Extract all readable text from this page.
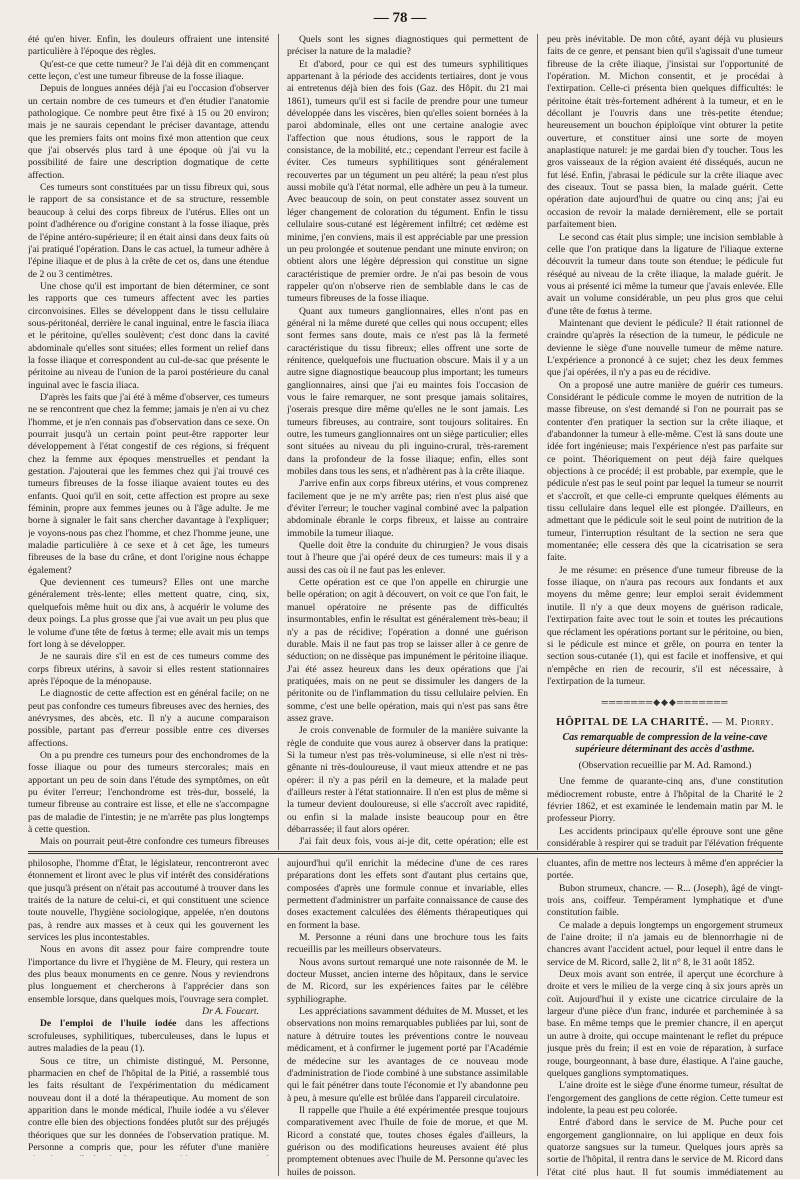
— 78 —

été qu'en hiver. Enfin, les douleurs offraient une intensité particulière à l'époque des règles.

Qu'est-ce que cette tumeur? Je l'ai déjà dit en commençant cette leçon, c'est une tumeur fibreuse de la fosse iliaque.

Depuis de longues années déjà j'ai eu l'occasion d'observer un certain nombre de ces tumeurs et d'en étudier l'anatomie pathologique. Ce nombre peut être fixé à 15 ou 20 environ; mais je ne saurais cependant le préciser davantage, attendu que les premiers faits ont moins fixé mon attention que ceux que j'ai observés plus tard à une époque où j'ai vu la possibilité de faire une description dogmatique de cette affection.

Ces tumeurs sont constituées par un tissu fibreux qui, sous le rapport de sa consistance et de sa structure, ressemble beaucoup à celui des corps fibreux de l'utérus. Elles ont un point d'adhérence ou d'origine constant à la fosse iliaque, près de l'épine antéro-supérieure; il en était ainsi dans deux faits où j'ai pratiqué l'opération. Dans le cas actuel, la tumeur adhère à l'épine iliaque et de plus à la crête de cet os, dans une étendue de 2 ou 3 centimètres.

Une chose qu'il est important de bien déterminer, ce sont les rapports que ces tumeurs affectent avec les parties circonvoisines. Elles se développent dans le tissu cellulaire sous-péritonéal, derrière le canal inguinal, entre le fascia iliaca et le péritoine, qu'elles soulèvent; c'est donc dans la cavité abdominale qu'elles sont situées; elles forment un relief dans la fosse iliaque et correspondent au cul-de-sac que présente le péritoine au niveau de l'union de la paroi postérieure du canal inguinal avec le fascia iliaca.

D'après les faits que j'ai été à même d'observer, ces tumeurs ne se rencontrent que chez la femme; jamais je n'en ai vu chez l'homme, et je n'en connais pas d'observation dans ce sexe. On pourrait jusqu'à un certain point peut-être rapporter leur développement à l'état congestif de ces régions, si fréquent chez la femme aux époques menstruelles et pendant la gestation. J'ajouterai que les femmes chez qui j'ai trouvé ces tumeurs fibreuses de la fosse iliaque avaient toutes eu des enfants. Quoi qu'il en soit, cette affection est propre au sexe féminin, propre aux femmes jeunes ou à l'âge adulte. Je me borne à signaler le fait sans chercher davantage à l'expliquer; je voyons-nous pas chez l'homme, et chez l'homme jeune, une maladie particulière à ce sexe et à cet âge, les tumeurs fibreuses de la base du crâne, et dont l'origine nous échappe également?

Que deviennent ces tumeurs? Elles ont une marche généralement très-lente; elles mettent quatre, cinq, six, quelquefois même huit ou dix ans, à acquérir le volume des deux poings. La plus grosse que j'ai vue avait un peu plus que le volume d'une tête de fœtus à terme; elle avait mis un temps fort long à se développer.

Je ne saurais dire s'il en est de ces tumeurs comme des corps fibreux utérins, à savoir si elles restent stationnaires après l'époque de la ménopause.

Le diagnostic de cette affection est en général facile; on ne peut pas confondre ces tumeurs fibreuses avec des hernies, des anévrysmes, des abcès, etc. Il n'y a aucune comparaison possible, partant pas d'erreur possible entre ces diverses affections.

On a pu prendre ces tumeurs pour des enchondromes de la fosse iliaque ou pour des tumeurs stercorales; mais en apportant un peu de soin dans l'étude des symptômes, on eût pu éviter l'erreur; l'enchondrome est très-dur, bosselé, la tumeur fibreuse au contraire est lisse, et elle ne s'accompagne pas de maladie de l'intestin; je ne m'arrête pas plus longtemps à cette question.

Mais on pourrait peut-être confondre ces tumeurs fibreuses

Quels sont les signes diagnostiques qui permettent de préciser la nature de la maladie?

Et d'abord, pour ce qui est des tumeurs syphilitiques appartenant à la période des accidents tertiaires, dont je vous ai entretenus déjà bien des fois (Gaz. des Hôpit. du 21 mai 1861), tumeurs qu'il est si facile de prendre pour une tumeur développée dans les viscères, bien qu'elles soient bornées à la paroi abdominale, elles ont une certaine analogie avec l'affection que nous étudions, sous le rapport de la consistance, de la mobilité, etc.; cependant l'erreur est facile à éviter. Ces tumeurs syphilitiques sont généralement recouvertes par un tégument un peu altéré; la peau n'est plus aussi mobile qu'à l'état normal, elle adhère un peu à la tumeur. Avec beaucoup de soin, on peut constater assez souvent un léger changement de coloration du tégument. Enfin le tissu cellulaire sous-cutané est légèrement infiltré; cet œdème est minime, j'en conviens, mais il est appréciable par une pression un peu prolongée et soutenue pendant une minute environ; on obtient alors une légère dépression qui constitue un signe caractéristique de premier ordre. Je n'ai pas besoin de vous rappeler qu'on n'observe rien de semblable dans le cas de tumeurs fibreuses de la fosse iliaque.

Quant aux tumeurs ganglionnaires, elles n'ont pas en général ni la même dureté que celles qui nous occupent; elles sont fermes sans doute, mais ce n'est pas là la fermeté caractéristique du tissu fibreux; elles offrent une sorte de rénitence, quelquefois une fluctuation obscure. Mais il y a un autre signe diagnostique beaucoup plus important; les tumeurs ganglionnaires, ainsi que j'ai eu maintes fois l'occasion de vous le faire remarquer, ne sont presque jamais solitaires, j'oserais presque dire même qu'elles ne le sont jamais. Les tumeurs fibreuses, au contraire, sont toujours solitaires. En outre, les tumeurs ganglionnaires ont un siège particulier; elles sont situées au niveau du pli inguino-crural, très-rarement dans la profondeur de la fosse iliaque; enfin, elles sont mobiles dans tous les sens, et n'adhèrent pas à la crête iliaque.

J'arrive enfin aux corps fibreux utérins, et vous comprenez facilement que je ne m'y arrête pas; rien n'est plus aisé que d'éviter l'erreur; le toucher vaginal combiné avec la palpation abdominale ébranle le corps fibreux, et laisse au contraire immobile la tumeur iliaque.

Quelle doit être la conduite du chirurgien? Je vous disais tout à l'heure que j'ai opéré deux de ces tumeurs: mais il y a aussi des cas où il ne faut pas les enlever.

Cette opération est ce que l'on appelle en chirurgie une belle opération; on agit à découvert, on voit ce que l'on fait, le manuel opératoire ne présente pas de difficultés insurmontables, enfin le résultat est généralement très-beau; il n'y a pas de récidive; l'opération a donné une guérison durable. Mais il ne faut pas trop se laisser aller à ce genre de séduction; on ne dissèque pas impunément le péritoine iliaque. J'ai été assez heureux dans les deux opérations que j'ai pratiquées, mais on ne peut se dissimuler les dangers de la péritonite ou de l'inflammation du tissu cellulaire pelvien. En somme, c'est une belle opération, mais qui n'est pas sans être assez grave.

Je crois convenable de formuler de la manière suivante la règle de conduite que vous aurez à observer dans la pratique: Si la tumeur n'est pas très-volumineuse, si elle n'est ni très-gênante ni très-douloureuse, il vaut mieux attendre et ne pas opérer: il n'y a pas péril en la demeure, et la malade peut d'ailleurs rester à l'état stationnaire. Il n'en est plus de même si la tumeur devient douloureuse, si elle s'accroît avec rapidité, ou enfin si la malade insiste beaucoup pour en être débarrassée; il faut alors opérer.

J'ai fait deux fois, vous ai-je dit, cette opération; elle est

peu près inévitable. De mon côté, ayant déjà vu plusieurs faits de ce genre, et pensant bien qu'il s'agissait d'une tumeur fibreuse de la crête iliaque, j'insistai sur l'opportunité de l'opération. M. Michon consentit, et je procédai à l'extirpation. Celle-ci présenta bien quelques difficultés: le péritoine était très-fortement adhérent à la tumeur, et en le décollant je l'ouvris dans une très-petite étendue; heureusement un bouchon épiploïque vint obturer la petite ouverture, et constituer ainsi une sorte de moyen anaplastique naturel: je me gardai bien d'y toucher. Tous les gros vaisseaux de la région avaient été disséqués, aucun ne fut lésé. Enfin, j'abrasai le pédicule sur la crête iliaque avec des ciseaux. Tout se passa bien, la malade guérit. Cette opération date aujourd'hui de quatre ou cinq ans; j'ai eu occasion de revoir la malade dernièrement, elle se portait parfaitement bien.

Le second cas était plus simple; une incision semblable à celle que l'on pratique dans la ligature de l'iliaque externe découvrit la tumeur dans toute son étendue; le pédicule fut réséqué au niveau de la crête iliaque, la malade guérit. Je vous ai présenté ici même la tumeur que j'avais enlevée. Elle avait un volume considérable, un peu plus gros que celui d'une tête de fœtus à terme.

Maintenant que devient le pédicule? Il était rationnel de craindre qu'après la résection de la tumeur, le pédicule ne devienne le siège d'une nouvelle tumeur de même nature. L'expérience a prononcé à ce sujet; chez les deux femmes que j'ai opérées, il n'y a pas eu de récidive.

On a proposé une autre manière de guérir ces tumeurs. Considérant le pédicule comme le moyen de nutrition de la masse fibreuse, on s'est demandé si l'on ne pourrait pas se contenter d'en pratiquer la section sur la crête iliaque, et d'abandonner la tumeur à elle-même. C'est là sans doute une idée fort ingénieuse; mais l'expérience n'est pas parfaite sur ce point. Théoriquement on peut déjà faire quelques objections à ce procédé; il est probable, par exemple, que le pédicule n'est pas le seul point par lequel la tumeur se nourrit et s'accroît, et que celle-ci emprunte quelques éléments au tissu cellulaire dans lequel elle est plongée. D'ailleurs, en admettant que le pédicule soit le seul point de nutrition de la tumeur, l'interruption résultant de la section ne sera que momentanée; elle cessera dès que la cicatrisation se sera faite.

Je me résume: en présence d'une tumeur fibreuse de la fosse iliaque, on n'aura pas recours aux fondants et aux moyens du même genre; leur emploi serait évidemment inutile. Il n'y a que deux moyens de guérison radicale, l'extirpation faite avec tout le soin et toutes les précautions que réclament les opérations portant sur le péritoine, ou bien, si le pédicule est mince et grêle, on pourra en tenter la section sous-cutanée (1), qui est facile et inoffensive, et qui n'empêche en rien de recourir, s'il est nécessaire, à l'extirpation de la tumeur.

═══════◆◆◆═══════
HÔPITAL DE LA CHARITÉ. — M. Piorry.
Cas remarquable de compression de la veine-cave supérieure déterminant des accès d'asthme.
(Observation recueillie par M. Ad. Ramond.)

Une femme de quarante-cinq ans, d'une constitution médiocrement robuste, entre à l'hôpital de la Charité le 2 février 1862, et est examinée le lendemain matin par M. le professeur Piorry.

Les accidents principaux qu'elle éprouve sont une gêne considérable à respirer qui se traduit par l'élévation fréquente

philosophe, l'homme d'État, le législateur, rencontreront avec étonnement et liront avec le plus vif intérêt des considérations que jusqu'à présent on n'était pas accoutumé à trouver dans les traités de la nature de celui-ci, et qui constituent une science toute nouvelle, l'hygiène sociologique, appelée, n'en doutons pas, à rendre aux masses et à ceux qui les gouvernent les services les plus incontestables.

Nous en avons dit assez pour faire comprendre toute l'importance du livre et l'hygiène de M. Fleury, qui restera un des plus beaux monuments en ce genre. Nous y reviendrons plus longuement et chercherons à l'apprécier dans son ensemble lorsque, dans quelques mois, l'ouvrage sera complet.

Dr A. Foucart.

De l'emploi de l'huile iodée dans les affections scrofuleuses, syphilitiques, tuberculeuses, dans le lupus et autres maladies de la peau (1).

Sous ce titre, un chimiste distingué, M. Personne, pharmacien en chef de l'hôpital de la Pitié, a rassemblé tous les faits résultant de l'expérimentation du médicament nouveau dont il a doté la thérapeutique. Au moment de son apparition dans le monde médical, l'huile iodée a vu s'élever contre elle bien des objections fondées plutôt sur des préjugés théoriques que sur les données de l'observation pratique. M. Personne a compris que, pour les réfuter d'une manière

aujourd'hui qu'il enrichit la médecine d'une de ces rares préparations dont les effets sont d'autant plus certains que, composées d'après une formule connue et invariable, elles permettent d'administrer un parfaite connaissance de cause des doses exactement calculées des éléments thérapeutiques qui en forment la base.

M. Personne a réuni dans une brochure tous les faits recueillis par les meilleurs observateurs.

Nous avons surtout remarqué une note raisonnée de M. le docteur Musset, ancien interne des hôpitaux, dans le service de M. Ricord, sur les expériences faites par le célèbre syphiliographe.

Les appréciations savamment déduites de M. Musset, et les observations non moins remarquables publiées par lui, sont de nature à détruire toutes les préventions contre le nouveau médicament, et à confirmer le jugement porté par l'Académie de médecine sur les avantages de ce nouveau mode d'administration de l'iode combiné à une substance assimilable qui le fait pénétrer dans toute l'économie et l'y abandonne peu à peu, à mesure qu'elle est brûlée dans l'appareil circulatoire.

Il rappelle que l'huile a été expérimentée presque toujours comparativement avec l'huile de foie de morue, et que M. Ricord a constaté que, toutes choses égales d'ailleurs, la guérison ou des modifications heureuses avaient été plus promptement obtenues avec l'huile de M. Personne qu'avec les huiles de poisson.

cluantes, afin de mettre nos lecteurs à même d'en apprécier la portée.

Bubon strumeux, chancre. — R... (Joseph), âgé de vingt-trois ans, coiffeur. Tempérament lymphatique et d'une constitution faible.

Ce malade a depuis longtemps un engorgement strumeux de l'aine droite; il n'a jamais eu de blennorrhagie ni de chancres avant l'accident actuel, pour lequel il entre dans le service de M. Ricord, salle 2, lit n° 8, le 31 août 1852.

Deux mois avant son entrée, il aperçut une écorchure à droite et vers le milieu de la verge cinq à six jours après un coït. Aujourd'hui il y existe une cicatrice circulaire de la largeur d'une pièce d'un franc, indurée et parcheminée à sa base. En même temps que le premier chancre, il en aperçut un autre à droite, qui occupe maintenant le reflet du prépuce jusque près du frein; il est en voie de réparation, à surface rouge, bourgeonnant, à base dure, élastique. A l'aine gauche, quelques ganglions symptomatiques.

L'aine droite est le siège d'une énorme tumeur, résultat de l'engorgement des ganglions de cette région. Cette tumeur est indolente, la peau est peu colorée.

Entré d'abord dans le service de M. Puche pour cet engorgement ganglionnaire, on lui applique en deux fois quatorze sangsues sur la tumeur. Quelques jours après sa sortie de l'hôpital, il rentra dans le service de M. Ricord dans l'état cité plus haut. Il fut soumis immédiatement au
